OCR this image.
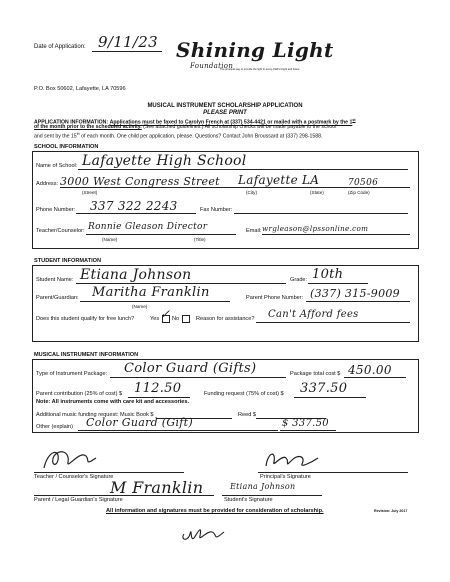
Date of Application: 9/11/23 Shining Light
Foundation
The principal way to provide the light to every child's bright and future
P.O. Box 50602, Lafayette, LA 70596
MUSICAL INSTRUMENT SCHOLARSHIP APPLICATION
PLEASE PRINT
APPLICATION INFORMATION: Applications must be faxed to Carolyn French at (337) 534-4421 or mailed with a postmark by the 1st
of the month prior to the scheduled activity. (See attached guidelines.) All scholarship checks will be made payable to the school
and sent by the 15th of each month. One child per application, please. Questions? Contact John Broussard at (337) 298-1588.
SCHOOL INFORMATION
Name of School: Lafayette High School
Address: 3000 West Congress Street Lafayette LA	70506
(Street)	(City)	(State)	(Zip Code)
Phone Number: 337 322 2243	Fax Number:
Teacher/Counselor: Ronnie Gleason Director
(Name)	(Title)
Email: wrgleason@lpssonline.com
STUDENT INFORMATION
Student Name: Etiana Johnson	Grade: 10th
Parent/Guardian: Maritha Franklin
(Name)
Parent Phone Number: (337) 315-9009
Does this student qualify for free lunch?	Yes ✓ No	Reason for assistance? Can't Afford fees
MUSICAL INSTRUMENT INFORMATION
Type of Instrument Package: Color Guard (Gifts)	Package total cost $ 450.00
Parent contribution (25% of cost) $ 112.50	Funding request (75% of cost) $ 337.50
Note: All instruments come with care kit and accessories.
Additional music funding request: Music Book $	Reed $
Other (explain) Color Guard (Gift)	$ 337.50
Teacher / Counselor's Signature	Principal's Signature
M Franklin
Parent / Legal Guardian's Signature
Etiana Johnson
Student's Signature
All information and signatures must be provided for consideration of scholarship.	Revision: July 2017
